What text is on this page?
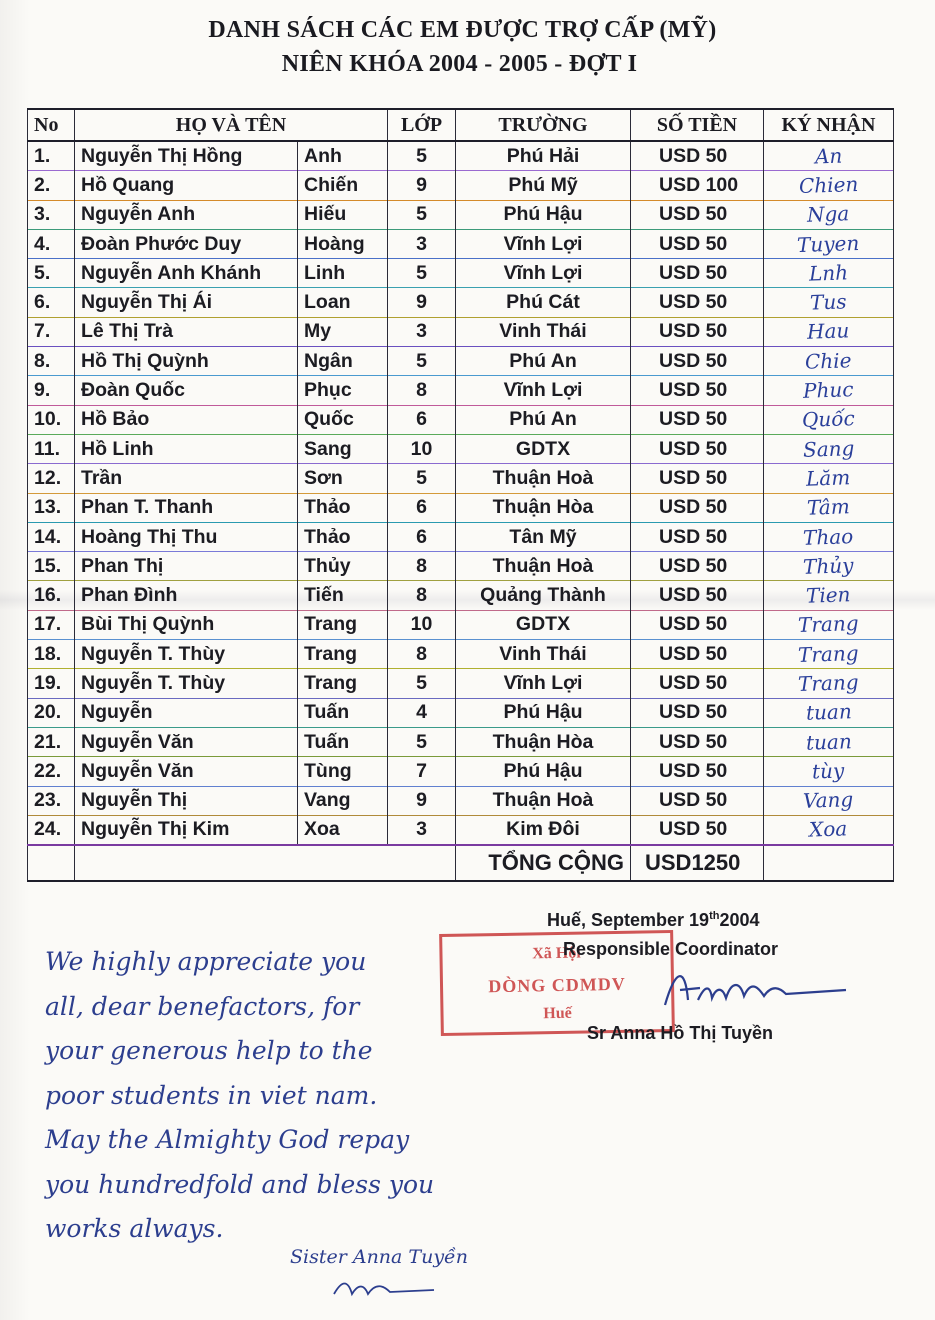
DANH SÁCH CÁC EM ĐƯỢC TRỢ CẤP (MỸ)
NIÊN KHÓA 2004 - 2005 - ĐỢT I
No	HỌ VÀ TÊN		LỚP	TRƯỜNG	SỐ TIỀN	KÝ NHẬN
1.	Nguyễn Thị Hồng	Anh	5	Phú Hải	USD 50	An
2.	Hồ Quang	Chiến	9	Phú Mỹ	USD 100	Chien
3.	Nguyễn Anh	Hiếu	5	Phú Hậu	USD 50	Nga
4.	Đoàn Phước Duy	Hoàng	3	Vĩnh Lợi	USD 50	Tuyen
5.	Nguyễn Anh Khánh	Linh	5	Vĩnh Lợi	USD 50	Lnh
6.	Nguyễn Thị Ái	Loan	9	Phú Cát	USD 50	Tus
7.	Lê Thị Trà	My	3	Vinh Thái	USD 50	Hau
8.	Hồ Thị Quỳnh	Ngân	5	Phú An	USD 50	Chie
9.	Đoàn Quốc	Phục	8	Vĩnh Lợi	USD 50	Phuc
10.	Hồ Bảo	Quốc	6	Phú An	USD 50	Quốc
11.	Hồ Linh	Sang	10	GDTX	USD 50	Sang
12.	Trần	Sơn	5	Thuận Hoà	USD 50	Lăm
13.	Phan T. Thanh	Thảo	6	Thuận Hòa	USD 50	Tâm
14.	Hoàng Thị Thu	Thảo	6	Tân Mỹ	USD 50	Thao
15.	Phan Thị	Thủy	8	Thuận Hoà	USD 50	Thủy
16.	Phan Đình	Tiến	8	Quảng Thành	USD 50	Tien
17.	Bùi Thị Quỳnh	Trang	10	GDTX	USD 50	Trang
18.	Nguyễn T. Thùy	Trang	8	Vinh Thái	USD 50	Trang
19.	Nguyễn T. Thùy	Trang	5	Vĩnh Lợi	USD 50	Trang
20.	Nguyễn	Tuấn	4	Phú Hậu	USD 50	tuan
21.	Nguyễn Văn	Tuấn	5	Thuận Hòa	USD 50	tuan
22.	Nguyễn Văn	Tùng	7	Phú Hậu	USD 50	tùy
23.	Nguyễn Thị	Vang	9	Thuận Hoà	USD 50	Vang
24.	Nguyễn Thị Kim	Xoa	3	Kim Đôi	USD 50	Xoa
				TỔNG CỘNG	USD1250	
Huế, September 19th2004
Xã Hội
DÒNG CDMDV
Huế
Responsible Coordinator
Sr Anna Hồ Thị Tuyền
We highly appreciate you
all, dear benefactors, for
your generous help to the
poor students in viet nam.
May the Almighty God repay
you hundredfold and bless you
works always.
Sister Anna Tuyền
